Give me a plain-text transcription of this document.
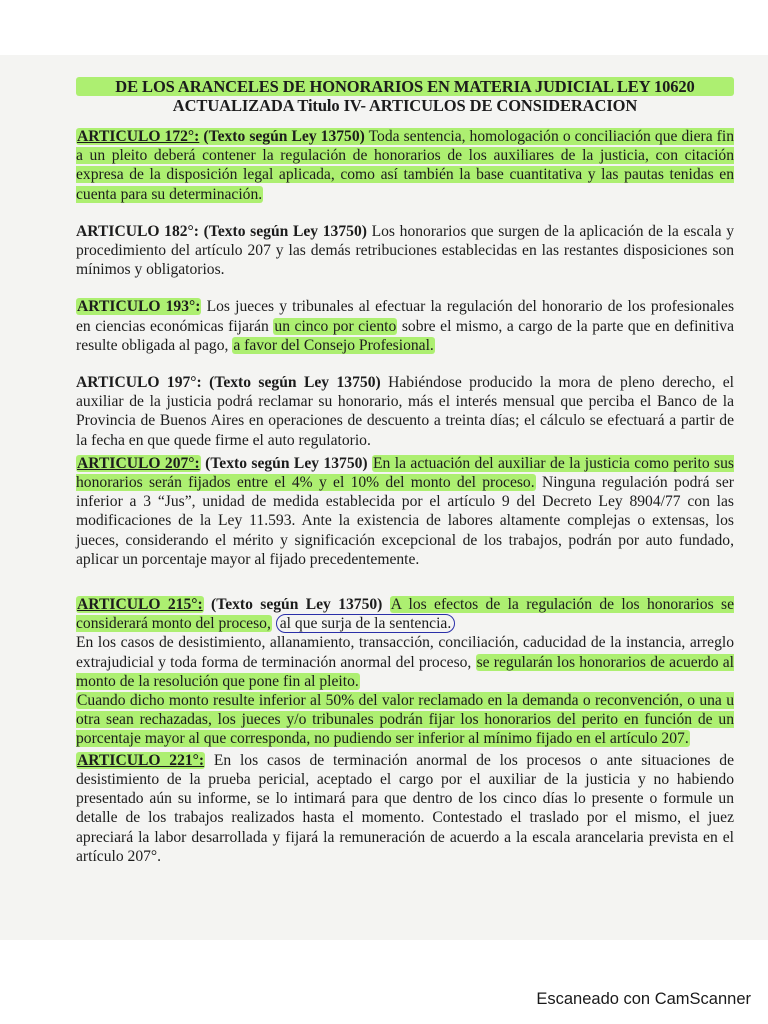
DE LOS ARANCELES DE HONORARIOS EN MATERIA JUDICIAL LEY 10620
ACTUALIZADA Titulo IV- ARTICULOS DE CONSIDERACION
ARTICULO 172°: (Texto según Ley 13750) Toda sentencia, homologación o conciliación que diera fin a un pleito deberá contener la regulación de honorarios de los auxiliares de la justicia, con citación expresa de la disposición legal aplicada, como así también la base cuantitativa y las pautas tenidas en cuenta para su determinación.
ARTICULO 182°: (Texto según Ley 13750) Los honorarios que surgen de la aplicación de la escala y procedimiento del artículo 207 y las demás retribuciones establecidas en las restantes disposiciones son mínimos y obligatorios.
ARTICULO 193°: Los jueces y tribunales al efectuar la regulación del honorario de los profesionales en ciencias económicas fijarán un cinco por ciento sobre el mismo, a cargo de la parte que en definitiva resulte obligada al pago, a favor del Consejo Profesional.
ARTICULO 197°: (Texto según Ley 13750) Habiéndose producido la mora de pleno derecho, el auxiliar de la justicia podrá reclamar su honorario, más el interés mensual que perciba el Banco de la Provincia de Buenos Aires en operaciones de descuento a treinta días; el cálculo se efectuará a partir de la fecha en que quede firme el auto regulatorio.
ARTICULO 207°: (Texto según Ley 13750) En la actuación del auxiliar de la justicia como perito sus honorarios serán fijados entre el 4% y el 10% del monto del proceso. Ninguna regulación podrá ser inferior a 3 “Jus”, unidad de medida establecida por el artículo 9 del Decreto Ley 8904/77 con las modificaciones de la Ley 11.593. Ante la existencia de labores altamente complejas o extensas, los jueces, considerando el mérito y significación excepcional de los trabajos, podrán por auto fundado, aplicar un porcentaje mayor al fijado precedentemente.
ARTICULO 215°: (Texto según Ley 13750) A los efectos de la regulación de los honorarios se considerará monto del proceso, al que surja de la sentencia.
En los casos de desistimiento, allanamiento, transacción, conciliación, caducidad de la instancia, arreglo extrajudicial y toda forma de terminación anormal del proceso, se regularán los honorarios de acuerdo al monto de la resolución que pone fin al pleito.
Cuando dicho monto resulte inferior al 50% del valor reclamado en la demanda o reconvención, o una u otra sean rechazadas, los jueces y/o tribunales podrán fijar los honorarios del perito en función de un porcentaje mayor al que corresponda, no pudiendo ser inferior al mínimo fijado en el artículo 207.
ARTICULO 221°: En los casos de terminación anormal de los procesos o ante situaciones de desistimiento de la prueba pericial, aceptado el cargo por el auxiliar de la justicia y no habiendo presentado aún su informe, se lo intimará para que dentro de los cinco días lo presente o formule un detalle de los trabajos realizados hasta el momento. Contestado el traslado por el mismo, el juez apreciará la labor desarrollada y fijará la remuneración de acuerdo a la escala arancelaria prevista en el artículo 207°.
Escaneado con CamScanner
